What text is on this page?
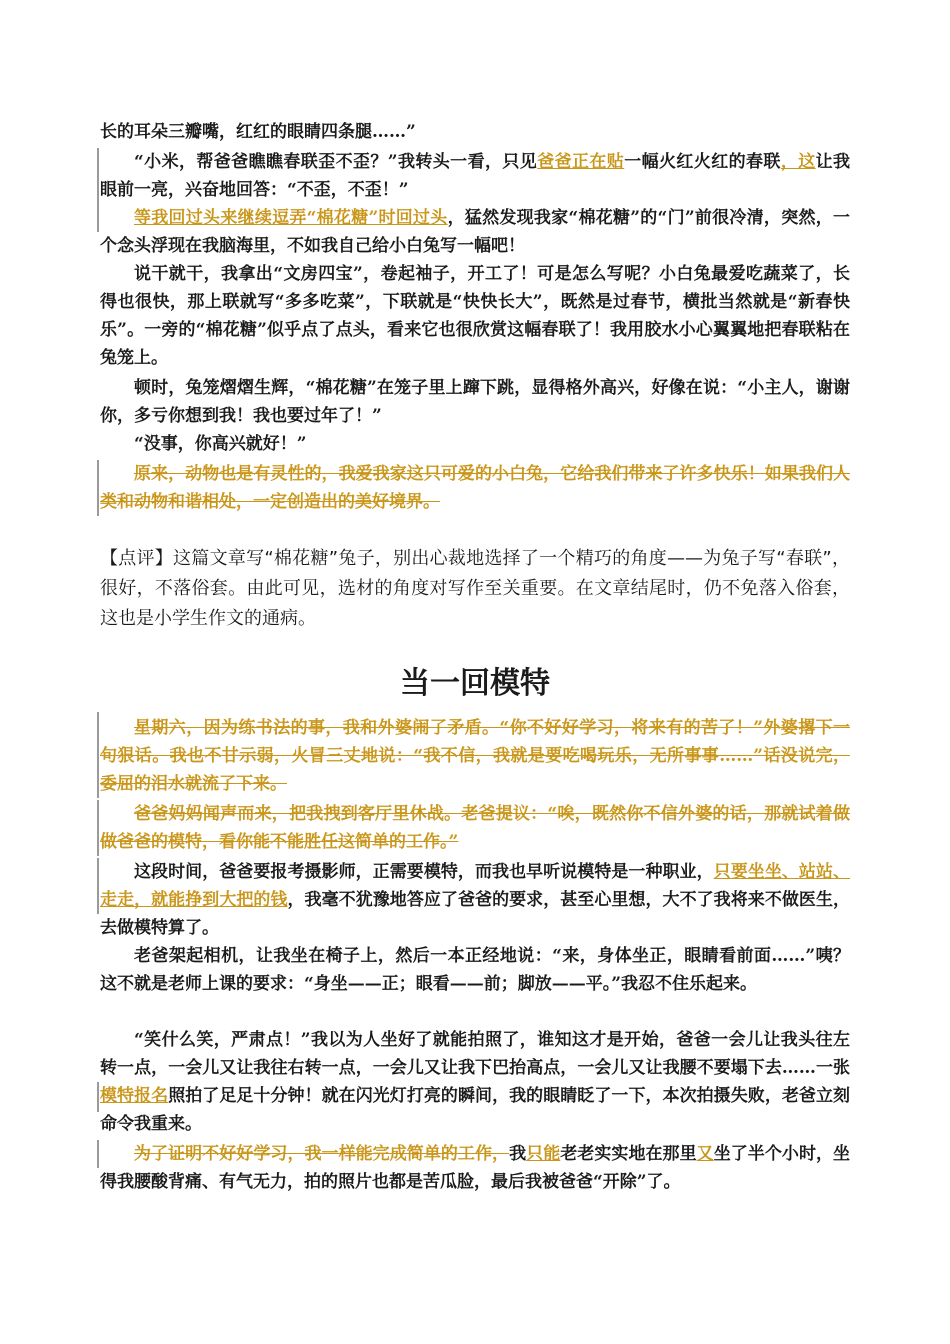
长的耳朵三瓣嘴，红红的眼睛四条腿……”
“小米，帮爸爸瞧瞧春联歪不歪？”我转头一看，只见爸爸正在贴一幅火红火红的春联，这让我眼前一亮，兴奋地回答：“不歪，不歪！”
等我回过头来继续逗弄“棉花糖”时回过头，猛然发现我家“棉花糖”的“门”前很冷清，突然，一个念头浮现在我脑海里，不如我自己给小白兔写一幅吧！
说干就干，我拿出“文房四宝”，卷起袖子，开工了！可是怎么写呢？小白兔最爱吃蔬菜了，长得也很快，那上联就写“多多吃菜”，下联就是“快快长大”，既然是过春节，横批当然就是“新春快乐”。一旁的“棉花糖”似乎点了点头，看来它也很欣赏这幅春联了！我用胶水小心翼翼地把春联粘在兔笼上。
顿时，兔笼熠熠生辉，“棉花糖”在笼子里上蹿下跳，显得格外高兴，好像在说：“小主人，谢谢你，多亏你想到我！我也要过年了！”
“没事，你高兴就好！”
原来，动物也是有灵性的，我爱我家这只可爱的小白兔，它给我们带来了许多快乐！如果我们人类和动物和谐相处，一定创造出的美好境界。
【点评】这篇文章写“棉花糖”兔子，别出心裁地选择了一个精巧的角度——为兔子写“春联”，很好，不落俗套。由此可见，选材的角度对写作至关重要。在文章结尾时，仍不免落入俗套，这也是小学生作文的通病。
当一回模特
星期六，因为练书法的事，我和外婆闹了矛盾。“你不好好学习，将来有的苦了！”外婆撂下一句狠话。我也不甘示弱，火冒三丈地说：“我不信，我就是要吃喝玩乐，无所事事……”话没说完，委屈的泪水就流了下来。
爸爸妈妈闻声而来，把我拽到客厅里休战。老爸提议：“唉，既然你不信外婆的话，那就试着做做爸爸的模特，看你能不能胜任这简单的工作。”
这段时间，爸爸要报考摄影师，正需要模特，而我也早听说模特是一种职业，只要坐坐、站站、走走，就能挣到大把的钱，我毫不犹豫地答应了爸爸的要求，甚至心里想，大不了我将来不做医生，去做模特算了。
老爸架起相机，让我坐在椅子上，然后一本正经地说：“来，身体坐正，眼睛看前面……”咦？这不就是老师上课的要求：“身坐——正；眼看——前；脚放——平。”我忍不住乐起来。
“笑什么笑，严肃点！”我以为人坐好了就能拍照了，谁知这才是开始，爸爸一会儿让我头往左转一点，一会儿又让我往右转一点，一会儿又让我下巴抬高点，一会儿又让我腰不要塌下去……一张模特报名照拍了足足十分钟！就在闪光灯打亮的瞬间，我的眼睛眨了一下，本次拍摄失败，老爸立刻命令我重来。
为了证明不好好学习，我一样能完成简单的工作，我只能老老实实地在那里又坐了半个小时，坐得我腰酸背痛、有气无力，拍的照片也都是苦瓜脸，最后我被爸爸“开除”了。
